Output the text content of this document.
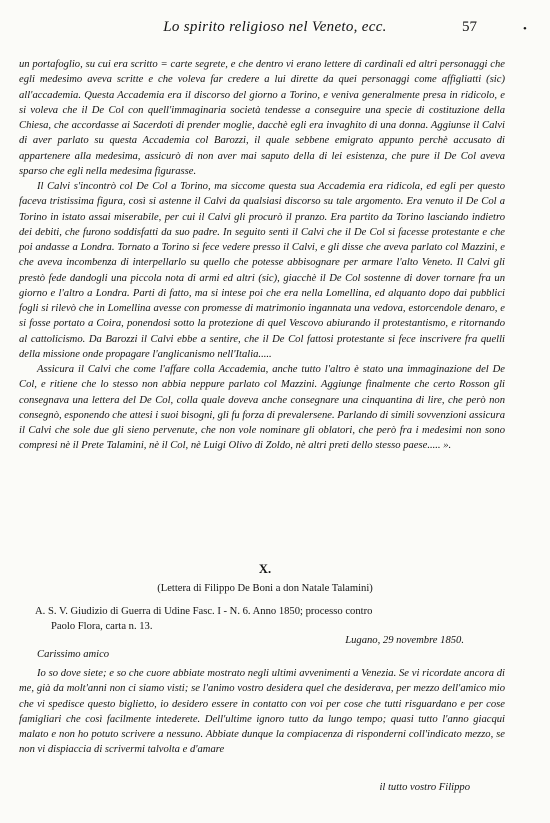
Lo spirito religioso nel Veneto, ecc.	57	•

un portafoglio, su cui era scritto = carte segrete, e che dentro vi erano lettere di cardinali ed altri personaggi che egli medesimo aveva scritte e che voleva far credere a lui dirette da quei personaggi come affigliatti (sic) all'accademia. Questa Accademia era il discorso del giorno a Torino, e veniva generalmente presa in ridicolo, e si voleva che il De Col con quell'immaginaria società tendesse a conseguire una specie di costituzione della Chiesa, che accordasse ai Sacerdoti di prender moglie, dacchè egli era invaghito di una donna. Aggiunse il Calvi di aver parlato su questa Accademia col Barozzi, il quale sebbene emigrato appunto perchè accusato di appartenere alla medesima, assicurò di non aver mai saputo della di lei esistenza, che pure il De Col aveva sparso che egli nella medesima figurasse.

Il Calvi s'incontrò col De Col a Torino, ma siccome questa sua Accademia era ridicola, ed egli per questo faceva tristissima figura, così si astenne il Calvi da qualsiasi discorso su tale argomento. Era venuto il De Col a Torino in istato assai miserabile, per cui il Calvi gli procurò il pranzo. Era partito da Torino lasciando indietro dei debiti, che furono soddisfatti da suo padre. In seguito sentì il Calvi che il De Col si facesse protestante e che poi andasse a Londra. Tornato a Torino si fece vedere presso il Calvi, e gli disse che aveva parlato col Mazzini, e che aveva incombenza di interpellarlo su quello che potesse abbisognare per armare l'alto Veneto. Il Calvi gli prestò fede dandogli una piccola nota di armi ed altri (sic), giacchè il De Col sostenne di dover tornare fra un giorno e l'altro a Londra. Parti di fatto, ma si intese poi che era nella Lomellina, ed alquanto dopo dai pubblici fogli si rilevò che in Lomellina avesse con promesse di matrimonio ingannata una vedova, estorcendole denaro, e si fosse portato a Coira, ponendosi sotto la protezione di quel Vescovo abiurando il protestantismo, e ritornando al cattolicismo. Da Barozzi il Calvi ebbe a sentire, che il De Col fattosi protestante si fece inscrivere fra quelli della missione onde propagare l'anglicanismo nell'Italia.....

Assicura il Calvi che come l'affare colla Accademia, anche tutto l'altro è stato una immaginazione del De Col, e ritiene che lo stesso non abbia neppure parlato col Mazzini. Aggiunge finalmente che certo Rosson gli consegnava una lettera del De Col, colla quale doveva anche consegnare una cinquantina di lire, che però non consegnò, esponendo che attesi i suoi bisogni, gli fu forza di prevalersene. Parlando di simili sovvenzioni assicura il Calvi che sole due gli sieno pervenute, che non vole nominare gli oblatori, che però fra i medesimi non sono compresi nè il Prete Talamini, nè il Col, nè Luigi Olivo di Zoldo, nè altri preti dello stesso paese..... ».

X.
(Lettera di Filippo De Boni a don Natale Talamini)
A. S. V. Giudizio di Guerra di Udine Fasc. I - N. 6. Anno 1850; processo contro
Paolo Flora, carta n. 13.
Lugano, 29 novembre 1850.
Carissimo amico

Io so dove siete; e so che cuore abbiate mostrato negli ultimi avvenimenti a Venezia. Se vi ricordate ancora di me, già da molt'anni non ci siamo visti; se l'animo vostro desidera quel che desiderava, per mezzo dell'amico mio che vi spedisce questo biglietto, io desidero essere in contatto con voi per cose che tutti risguardano e per cose famigliari che così facilmente intederete. Dell'ultime ignoro tutto da lungo tempo; quasi tutto l'anno giacqui malato e non ho potuto scrivere a nessuno. Abbiate dunque la compiacenza di risponderni coll'indicato mezzo, se non vi dispiaccia di scrivermi talvolta e d'amare

il tutto vostro Filippo
